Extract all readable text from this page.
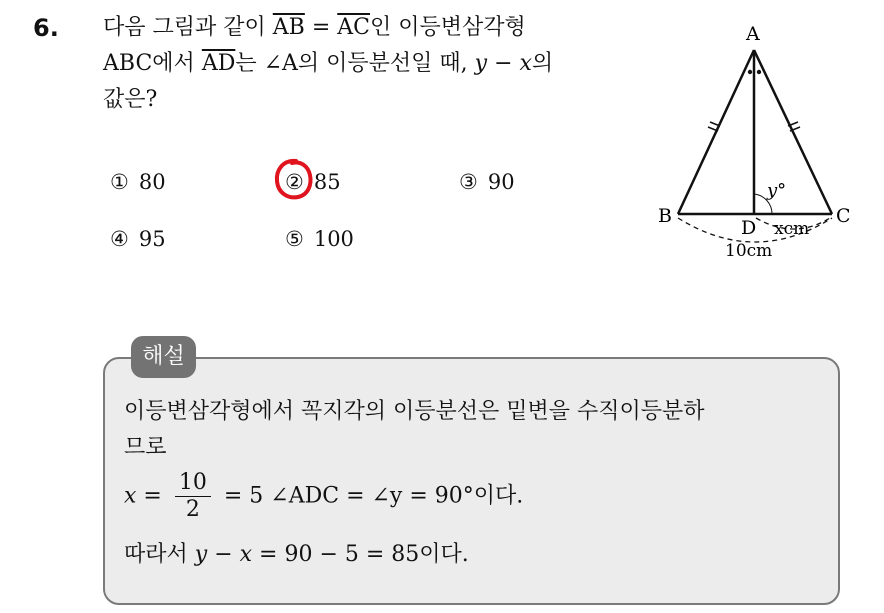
6. 다음 그림과 같이 $\overline{AB} = \overline{AC}$인 이등변삼각형
ABC에서 $\overline{AD}$는 ∠A의 이등분선일 때, y − x의
값은?
① 80	② 85	③ 90
④ 95	⑤ 100
A
B	C
D
y°
xcm
10cm
해설
이등변삼각형에서 꼭지각의 이등분선은 밑변을 수직이등분하
므로
$x = \frac{10}{2} = 5$ ∠ADC = ∠y = 90°이다.
따라서 y − x = 90 − 5 = 85이다.
